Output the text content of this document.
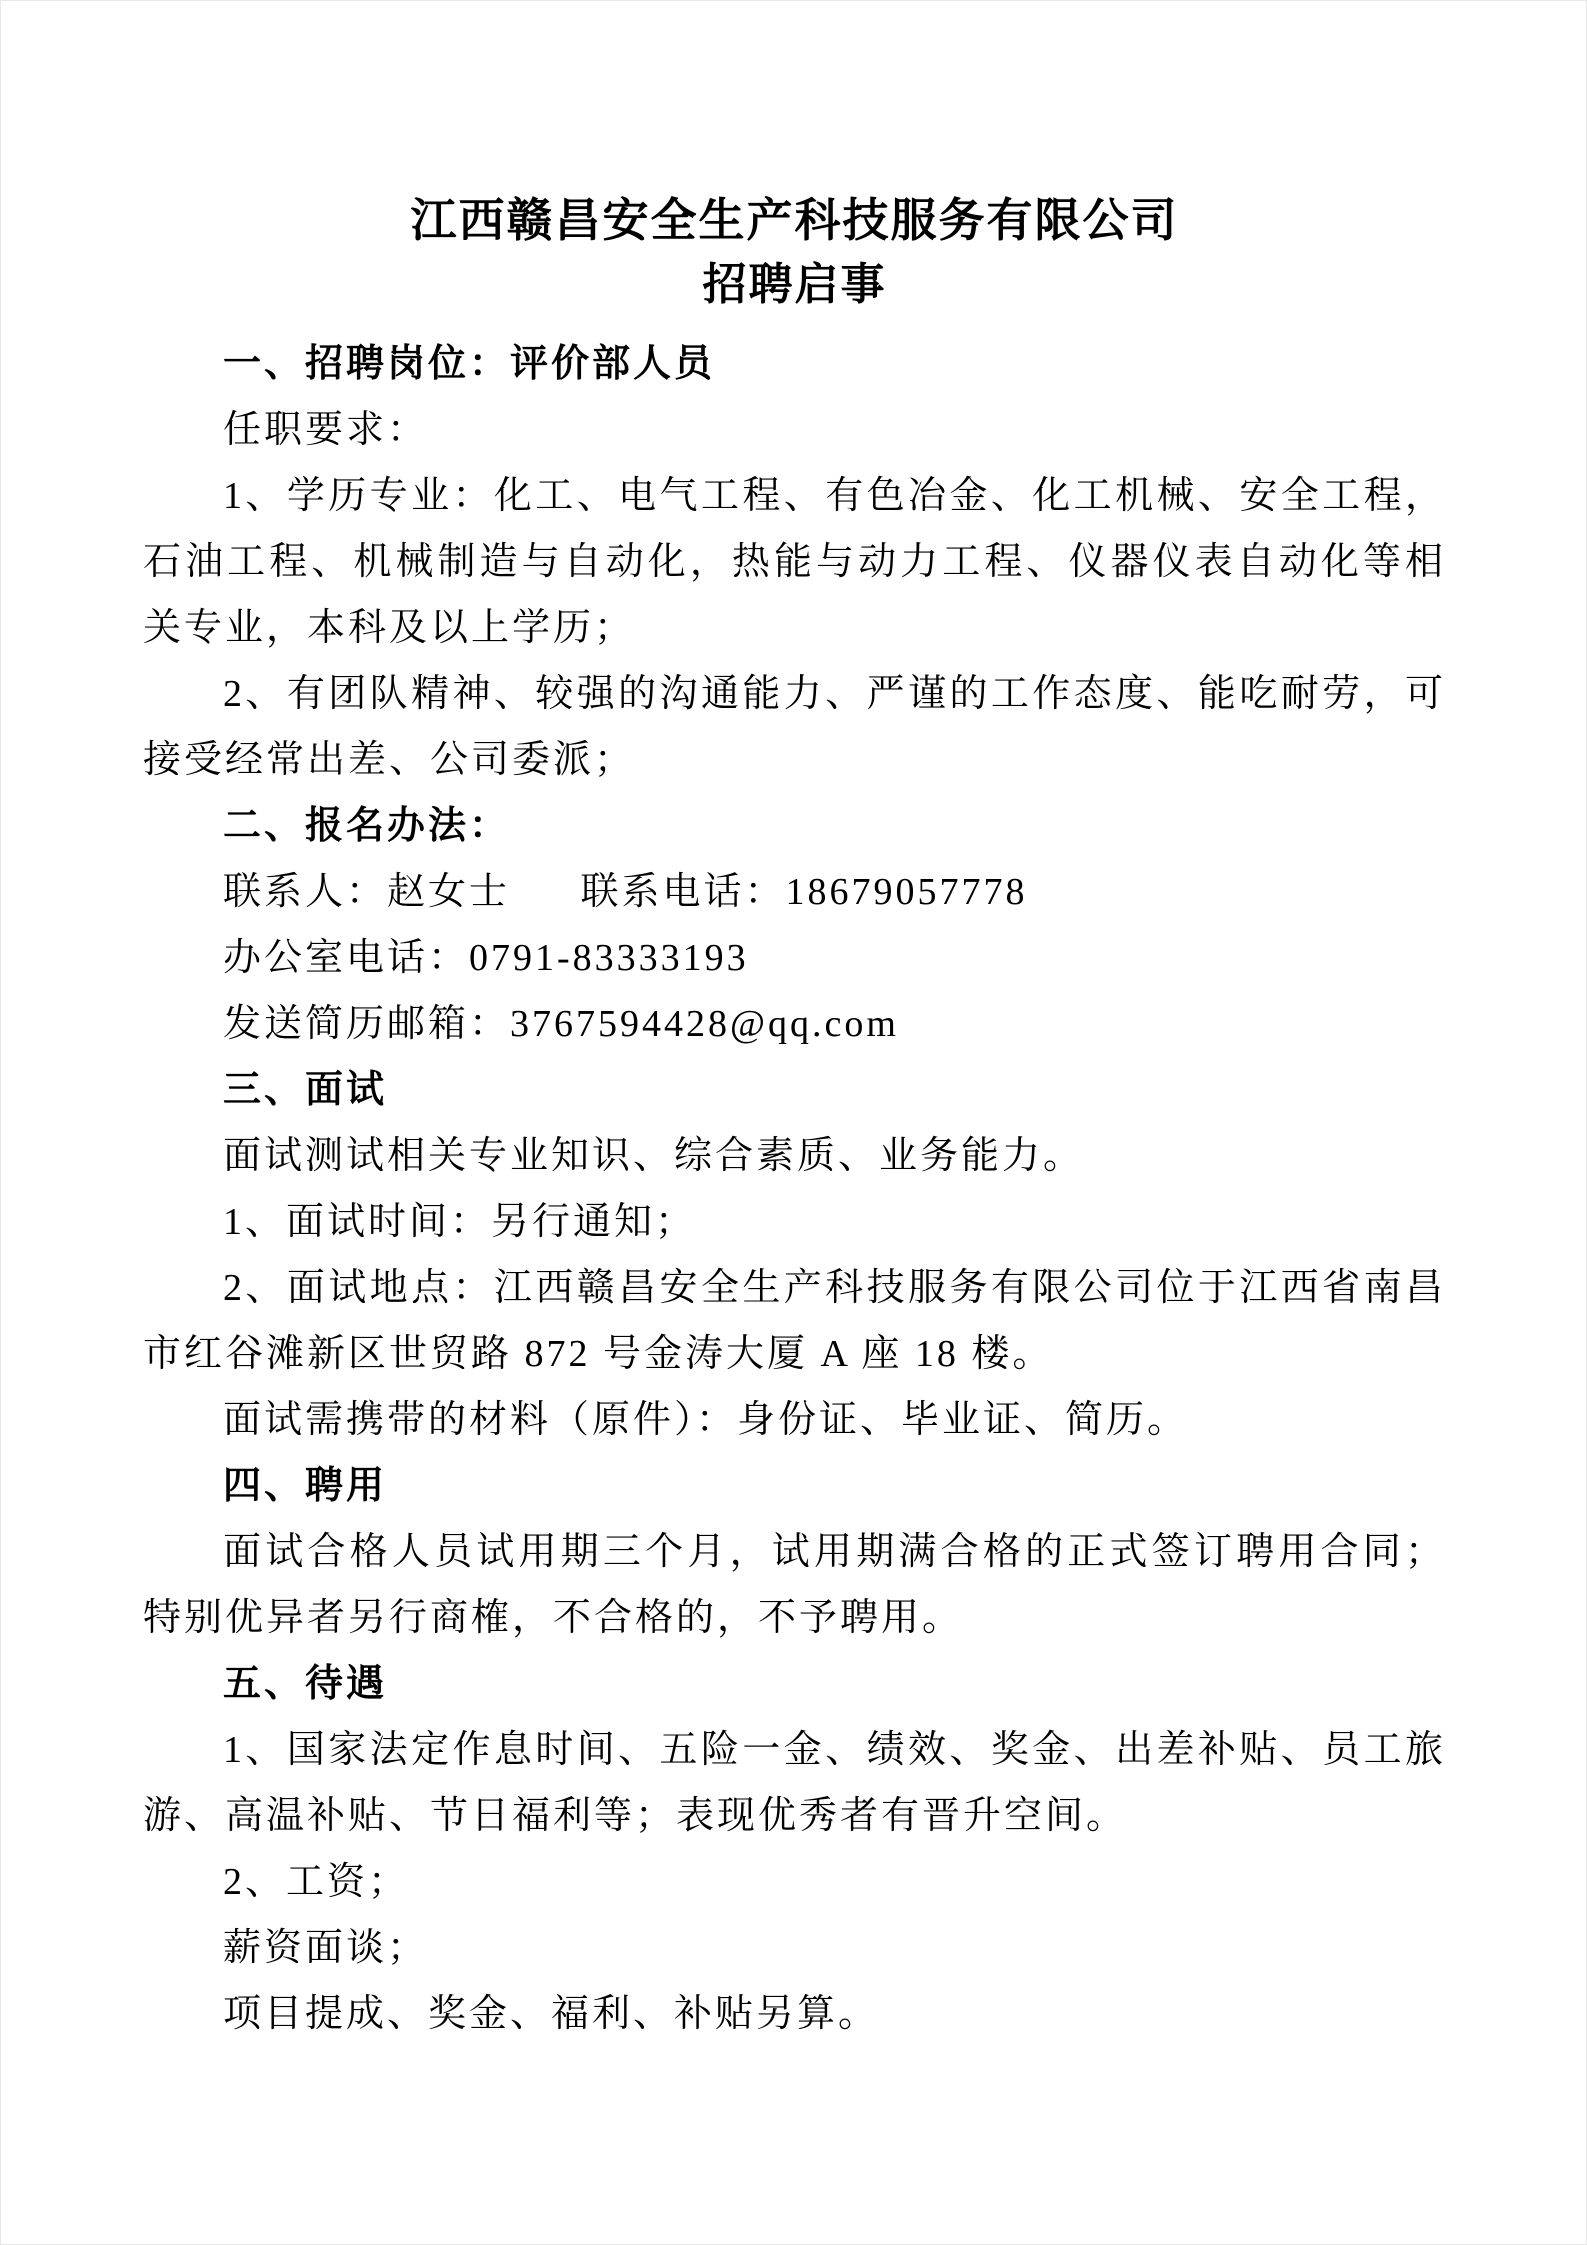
江西赣昌安全生产科技服务有限公司
招聘启事

一、招聘岗位：评价部人员

任职要求：

1、学历专业：化工、电气工程、有色冶金、化工机械、安全工程，石油工程、机械制造与自动化，热能与动力工程、仪器仪表自动化等相关专业，本科及以上学历；

2、有团队精神、较强的沟通能力、严谨的工作态度、能吃耐劳，可接受经常出差、公司委派；

二、报名办法：

联系人：赵女士 联系电话：18679057778

办公室电话：0791-83333193

发送简历邮箱：3767594428@qq.com

三、面试

面试测试相关专业知识、综合素质、业务能力。

1、面试时间：另行通知；

2、面试地点：江西赣昌安全生产科技服务有限公司位于江西省南昌市红谷滩新区世贸路 872 号金涛大厦 A 座 18 楼。

面试需携带的材料（原件）：身份证、毕业证、简历。

四、聘用

面试合格人员试用期三个月，试用期满合格的正式签订聘用合同；特别优异者另行商榷，不合格的，不予聘用。

五、待遇

1、国家法定作息时间、五险一金、绩效、奖金、出差补贴、员工旅游、高温补贴、节日福利等；表现优秀者有晋升空间。

2、工资；

薪资面谈；

项目提成、奖金、福利、补贴另算。
